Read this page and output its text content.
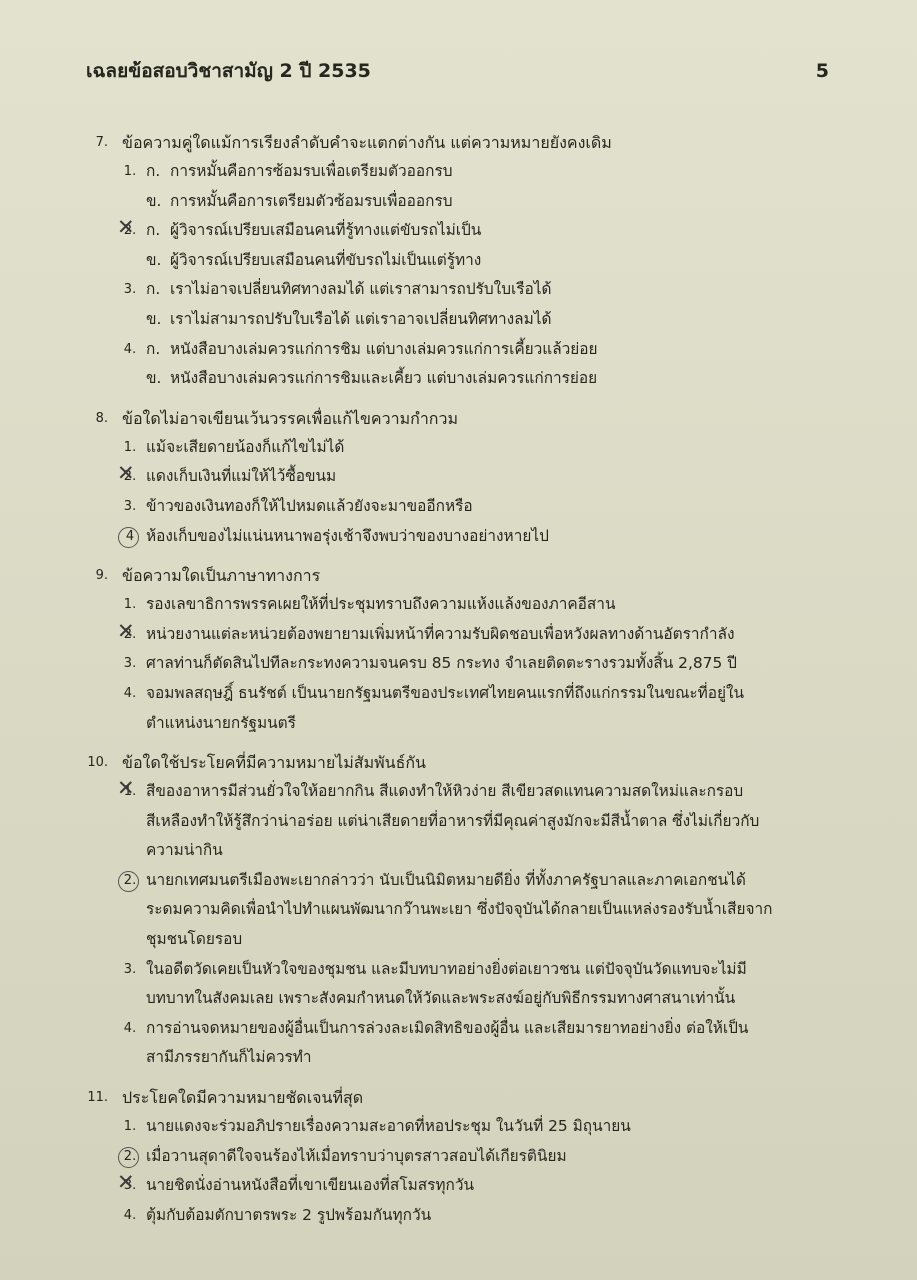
เฉลยข้อสอบวิชาสามัญ 2 ปี 2535	5
7. ข้อความคู่ใดแม้การเรียงลำดับคำจะแตกต่างกัน แต่ความหมายยังคงเดิม
1. ก. การหมั้นคือการซ้อมรบเพื่อเตรียมตัวออกรบ
ข. การหมั้นคือการเตรียมตัวซ้อมรบเพื่อออกรบ
2. ✕ ก. ผู้วิจารณ์เปรียบเสมือนคนที่รู้ทางแต่ขับรถไม่เป็น
ข. ผู้วิจารณ์เปรียบเสมือนคนที่ขับรถไม่เป็นแต่รู้ทาง
3. ก. เราไม่อาจเปลี่ยนทิศทางลมได้ แต่เราสามารถปรับใบเรือได้
ข. เราไม่สามารถปรับใบเรือได้ แต่เราอาจเปลี่ยนทิศทางลมได้
4. ก. หนังสือบางเล่มควรแก่การชิม แต่บางเล่มควรแก่การเคี้ยวแล้วย่อย
ข. หนังสือบางเล่มควรแก่การชิมและเคี้ยว แต่บางเล่มควรแก่การย่อย
8. ข้อใดไม่อาจเขียนเว้นวรรคเพื่อแก้ไขความกำกวม
1. แม้จะเสียดายน้องก็แก้ไขไม่ได้
2. ✕ แดงเก็บเงินที่แม่ให้ไว้ซื้อขนม
3. ข้าวของเงินทองก็ให้ไปหมดแล้วยังจะมาขออีกหรือ
4 ห้องเก็บของไม่แน่นหนาพอรุ่งเช้าจึงพบว่าของบางอย่างหายไป
9. ข้อความใดเป็นภาษาทางการ
1. รองเลขาธิการพรรคเผยให้ที่ประชุมทราบถึงความแห้งแล้งของภาคอีสาน
2. ✕ หน่วยงานแต่ละหน่วยต้องพยายามเพิ่มหน้าที่ความรับผิดชอบเพื่อหวังผลทางด้านอัตรากำลัง
3. ศาลท่านก็ตัดสินไปทีละกระทงความจนครบ 85 กระทง จำเลยติดตะรางรวมทั้งสิ้น 2,875 ปี
4. จอมพลสฤษฎิ์ ธนรัชต์ เป็นนายกรัฐมนตรีของประเทศไทยคนแรกที่ถึงแก่กรรมในขณะที่อยู่ใน
ตำแหน่งนายกรัฐมนตรี
10. ข้อใดใช้ประโยคที่มีความหมายไม่สัมพันธ์กัน
1. ✕ สีของอาหารมีส่วนยั่วใจให้อยากกิน สีแดงทำให้หิวง่าย สีเขียวสดแทนความสดใหม่และกรอบ
สีเหลืองทำให้รู้สึกว่าน่าอร่อย แต่น่าเสียดายที่อาหารที่มีคุณค่าสูงมักจะมีสีน้ำตาล ซึ่งไม่เกี่ยวกับ
ความน่ากิน
2. นายกเทศมนตรีเมืองพะเยากล่าวว่า นับเป็นนิมิตหมายดียิ่ง ที่ทั้งภาครัฐบาลและภาคเอกชนได้
ระดมความคิดเพื่อนำไปทำแผนพัฒนากว๊านพะเยา ซึ่งปัจจุบันได้กลายเป็นแหล่งรองรับน้ำเสียจาก
ชุมชนโดยรอบ
3. ในอดีตวัดเคยเป็นหัวใจของชุมชน และมีบทบาทอย่างยิ่งต่อเยาวชน แต่ปัจจุบันวัดแทบจะไม่มี
บทบาทในสังคมเลย เพราะสังคมกำหนดให้วัดและพระสงฆ์อยู่กับพิธีกรรมทางศาสนาเท่านั้น
4. การอ่านจดหมายของผู้อื่นเป็นการล่วงละเมิดสิทธิของผู้อื่น และเสียมารยาทอย่างยิ่ง ต่อให้เป็น
สามีภรรยากันก็ไม่ควรทำ
11. ประโยคใดมีความหมายชัดเจนที่สุด
1. นายแดงจะร่วมอภิปรายเรื่องความสะอาดที่หอประชุม ในวันที่ 25 มิถุนายน
2. เมื่อวานสุดาดีใจจนร้องไห้เมื่อทราบว่าบุตรสาวสอบได้เกียรตินิยม
3. ✕ นายชิตนั่งอ่านหนังสือที่เขาเขียนเองที่สโมสรทุกวัน
4. ตุ้มกับต้อมตักบาตรพระ 2 รูปพร้อมกันทุกวัน
